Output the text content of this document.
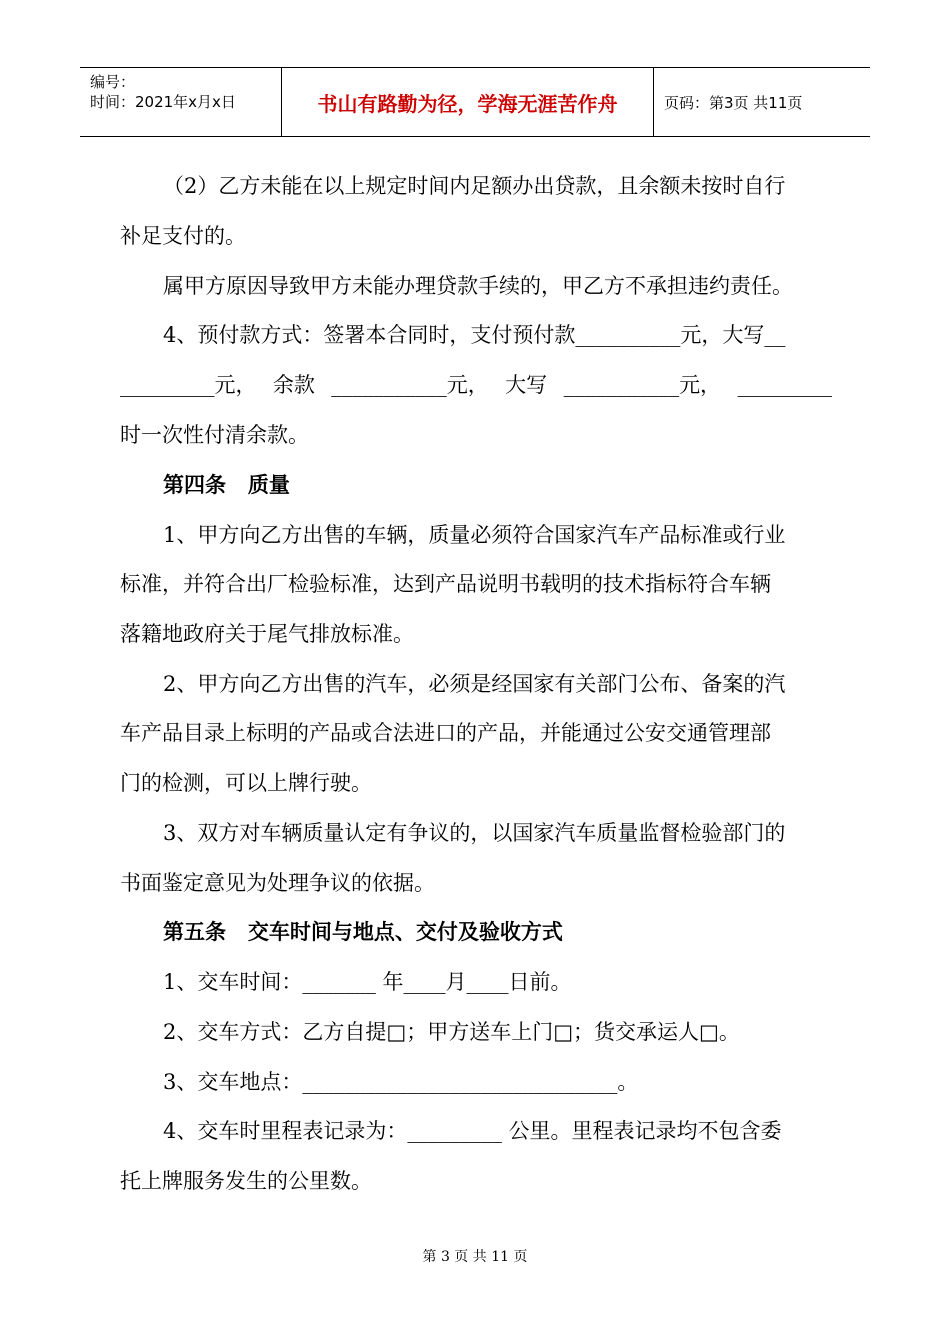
编号：
时间：2021年x月x日	书山有路勤为径，学海无涯苦作舟	页码：第3页 共11页
（2）乙方未能在以上规定时间内足额办出贷款，且余额未按时自行
补足支付的。
属甲方原因导致甲方未能办理贷款手续的，甲乙方不承担违约责任。
4、预付款方式：签署本合同时，支付预付款__________元，大写__
_________元， 余款 ___________元， 大写 ___________元， _________
时一次性付清余款。
第四条   质量
1、甲方向乙方出售的车辆，质量必须符合国家汽车产品标准或行业
标准，并符合出厂检验标准，达到产品说明书载明的技术指标符合车辆
落籍地政府关于尾气排放标准。
2、甲方向乙方出售的汽车，必须是经国家有关部门公布、备案的汽
车产品目录上标明的产品或合法进口的产品，并能通过公安交通管理部
门的检测，可以上牌行驶。
3、双方对车辆质量认定有争议的，以国家汽车质量监督检验部门的
书面鉴定意见为处理争议的依据。
第五条   交车时间与地点、交付及验收方式
1、交车时间：_______ 年____月____日前。
2、交车方式：乙方自提□；甲方送车上门□；货交承运人□。
3、交车地点：______________________________。
4、交车时里程表记录为：_________ 公里。里程表记录均不包含委
托上牌服务发生的公里数。
第 3 页 共 11 页
